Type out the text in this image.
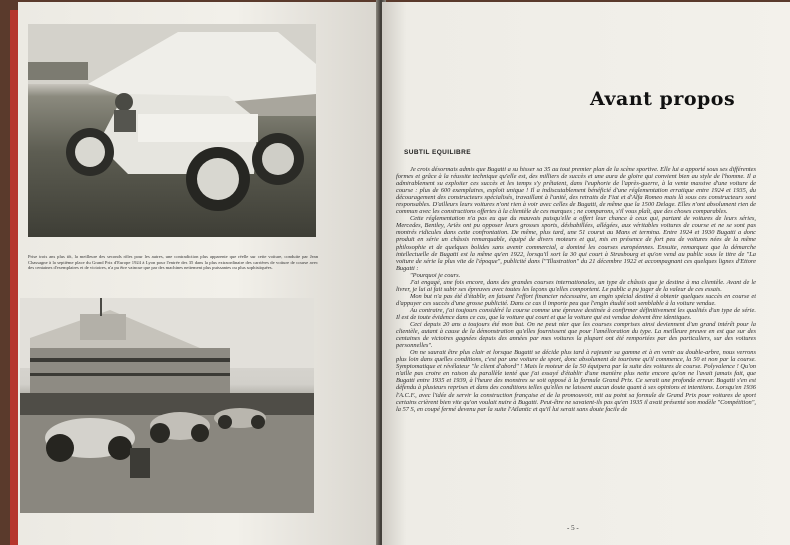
Prise trois ans plus tôt, la meilleure des seconds rôles pour les autres, une contradiction plus apparente que réelle sur cette voiture, conduite par Jean Chassagne à la septième place du Grand Prix d'Europe 1924 à Lyon pour l'entrée des 35 dans la plus extraordinaire des carrières de voiture de course avec des centaines d'exemplaires et de victoires, n'a pu être vaincue que par des machines nettement plus puissantes ou plus sophistiquées.
Avant propos
SUBTIL EQUILIBRE

Je crois désormais admis que Bugatti a su hisser sa 35 au tout premier plan de la scène sportive. Elle lui a apporté sous ses différentes formes et grâce à la réussite technique qu'elle est, des milliers de succès et une aura de gloire qui convient bien au style de l'homme. Il a admirablement su exploiter ces succès et les temps s'y prêtaient, dans l'euphorie de l'après-guerre, à la vente massive d'une voiture de course : plus de 600 exemplaires, exploit unique ! Il a indiscutablement bénéficié d'une réglementation erratique entre 1924 et 1935, du découragement des constructeurs spécialisés, travaillant à l'unité, des retraits de Fiat et d'Alfa Romeo mais là sous ces constructeurs sont responsables. D'ailleurs leurs voitures n'ont rien à voir avec celles de Bugatti, de même que la 1500 Delage. Elles n'ont absolument rien de commun avec les constructions offertes à la clientèle de ces marques ; ne comparons, s'il vous plaît, que des choses comparables.

Cette réglementation n'a pas eu que du mauvais puisqu'elle a offert leur chance à ceux qui, partant de voitures de leurs séries, Mercedes, Bentley, Ariès ont pu opposer leurs grosses sports, déshabillées, allégées, aux véritables voitures de course et ne se sont pas montrés ridicules dans cette confrontation. De même, plus tard, une 51 courut au Mans et termina. Entre 1924 et 1930 Bugatti a donc produit en série un châssis remarquable, équipé de divers moteurs et qui, mis en présence de fort peu de voitures nées de la même philosophie et de quelques bolides sans avenir commercial, a dominé les courses européennes. Ensuite, remarquez que la démarche intellectuelle de Bugatti est la même qu'en 1922, lorsqu'il sort la 30 qui court à Strasbourg et qu'on vend au public sous le titre de "La voiture de série la plus vite de l'époque", publicité dans l'"Illustration" du 21 décembre 1922 et accompagnant ces quelques lignes d'Ettore Bugatti :

"Pourquoi je cours.

J'ai engagé, une fois encore, dans des grandes courses internationales, un type de châssis que je destine à ma clientèle. Avant de le livrer, je lui ai fait subir ses épreuves avec toutes les leçons qu'elles comportent. Le public a pu juger de la valeur de ces essais.

Mon but n'a pas été d'établir, en faisant l'effort financier nécessaire, un engin spécial destiné à obtenir quelques succès en course et d'appuyer ces succès d'une grosse publicité. Dans ce cas il importe peu que l'engin étudié soit semblable à la voiture vendue.

Au contraire, j'ai toujours considéré la course comme une épreuve destinée à confirmer définitivement les qualités d'un type de série. Il est de toute évidence dans ce cas, que la voiture qui court et que la voiture qui est vendue doivent être identiques.

Ceci depuis 20 ans a toujours été mon but. On ne peut nier que les courses comprises ainsi deviennent d'un grand intérêt pour la clientèle, autant à cause de la démonstration qu'elles fournissent que pour l'amélioration du type. La meilleure preuve en est que sur des centaines de victoires gagnées depuis des années par mes voitures la plupart ont été remportées par des particuliers, sur des voitures personnelles".

On ne saurait être plus clair et lorsque Bugatti se décide plus tard à rajeunir sa gamme et à en venir au double-arbre, nous verrons plus loin dans quelles conditions, c'est par une voiture de sport, donc absolument de tourisme qu'il commence, la 50 et non par la course. Symptomatique et révélateur "le client d'abord" ! Mais le moteur de la 50 équipera par la suite des voitures de course. Polyvalence ! Qu'on n'aille pas croire en raison du parallèle tenté que j'ai essayé d'établir d'une manière plus nette encore qu'on ne l'avait jamais fait, que Bugatti entre 1935 et 1939, à l'heure des monstres se soit opposé à la formule Grand Prix. Ce serait une profonde erreur. Bugatti s'en est défendu à plusieurs reprises et dans des conditions telles qu'elles ne laissent aucun doute quant à ses opinions et intentions. Lorsqu'en 1936 l'A.C.F., avec l'idée de servir la construction française et de la promouvoir, mit au point sa formule de Grand Prix pour voitures de sport certains crièrent bien vite qu'on voulait nuire à Bugatti. Peut-être ne savaient-ils pas qu'en 1935 il avait présenté son modèle "Compétition", la 57 S, en coupé fermé devenu par la suite l'Atlantic et qu'il lui serait sans doute facile de

- 5 -
